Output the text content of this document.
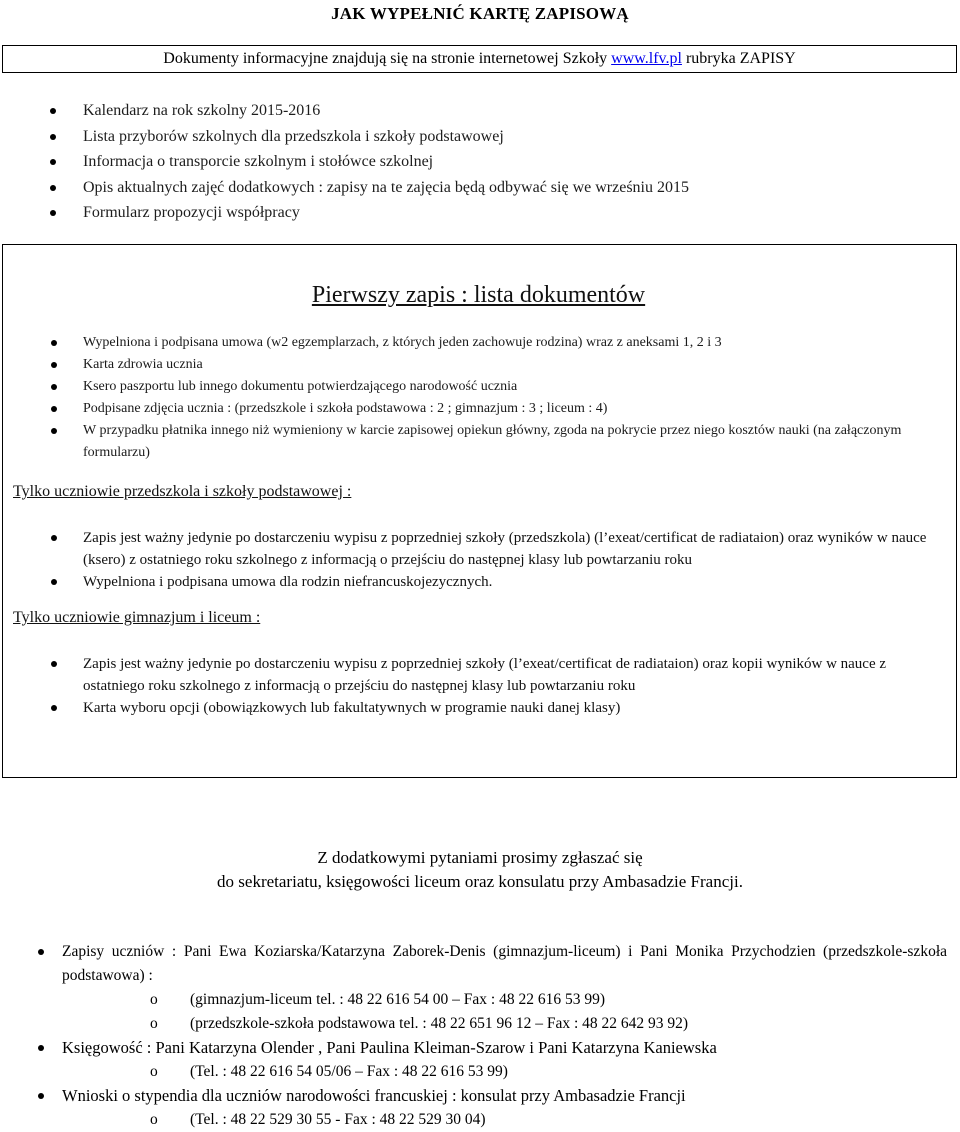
JAK WYPEŁNIĆ KARTĘ ZAPISOWĄ
Dokumenty informacyjne znajdują się na stronie internetowej Szkoły www.lfv.pl rubryka ZAPISY
Kalendarz na rok szkolny 2015-2016
Lista przyborów szkolnych dla przedszkola i szkoły podstawowej
Informacja o transporcie szkolnym i stołówce szkolnej
Opis aktualnych zajęć dodatkowych : zapisy na te zajęcia będą odbywać się we wrześniu 2015
Formularz propozycji współpracy
Pierwszy zapis : lista dokumentów
Wypelniona i podpisana umowa (w2 egzemplarzach, z których jeden zachowuje rodzina) wraz z aneksami 1, 2 i 3
Karta zdrowia ucznia
Ksero paszportu lub innego dokumentu potwierdzającego narodowość ucznia
Podpisane zdjęcia ucznia : (przedszkole i szkoła podstawowa : 2 ; gimnazjum : 3 ; liceum : 4)
W przypadku płatnika innego niż wymieniony w karcie zapisowej opiekun główny, zgoda na pokrycie przez niego kosztów nauki (na załączonym formularzu)
Tylko uczniowie przedszkola i szkoły podstawowej :
Zapis jest ważny jedynie po dostarczeniu wypisu z poprzedniej szkoły (przedszkola) (l’exeat/certificat de radiataion) oraz wyników w nauce (ksero) z ostatniego roku szkolnego z informacją o przejściu do następnej klasy lub powtarzaniu roku
Wypelniona i podpisana umowa dla rodzin niefrancuskojezycznych.
Tylko uczniowie gimnazjum i liceum :
Zapis jest ważny jedynie po dostarczeniu wypisu z poprzedniej szkoły (l’exeat/certificat de radiataion) oraz kopii wyników w nauce z ostatniego roku szkolnego z informacją o przejściu do następnej klasy lub powtarzaniu roku
Karta wyboru opcji (obowiązkowych lub fakultatywnych w programie nauki danej klasy)
Z dodatkowymi pytaniami prosimy zgłaszać się
do sekretariatu, księgowości liceum oraz konsulatu przy Ambasadzie Francji.
Zapisy uczniów : Pani Ewa Koziarska/Katarzyna Zaborek-Denis (gimnazjum-liceum) i Pani Monika Przychodzien (przedszkole-szkoła podstawowa) :
o (gimnazjum-liceum tel. : 48 22 616 54 00 – Fax : 48 22 616 53 99)
o (przedszkole-szkoła podstawowa tel. : 48 22 651 96 12 – Fax : 48 22 642 93 92)
Księgowość : Pani Katarzyna Olender , Pani Paulina Kleiman-Szarow i Pani Katarzyna Kaniewska
o (Tel. : 48 22 616 54 05/06 – Fax : 48 22 616 53 99)
Wnioski o stypendia dla uczniów narodowości francuskiej : konsulat przy Ambasadzie Francji
o (Tel. : 48 22 529 30 55 - Fax : 48 22 529 30 04)
